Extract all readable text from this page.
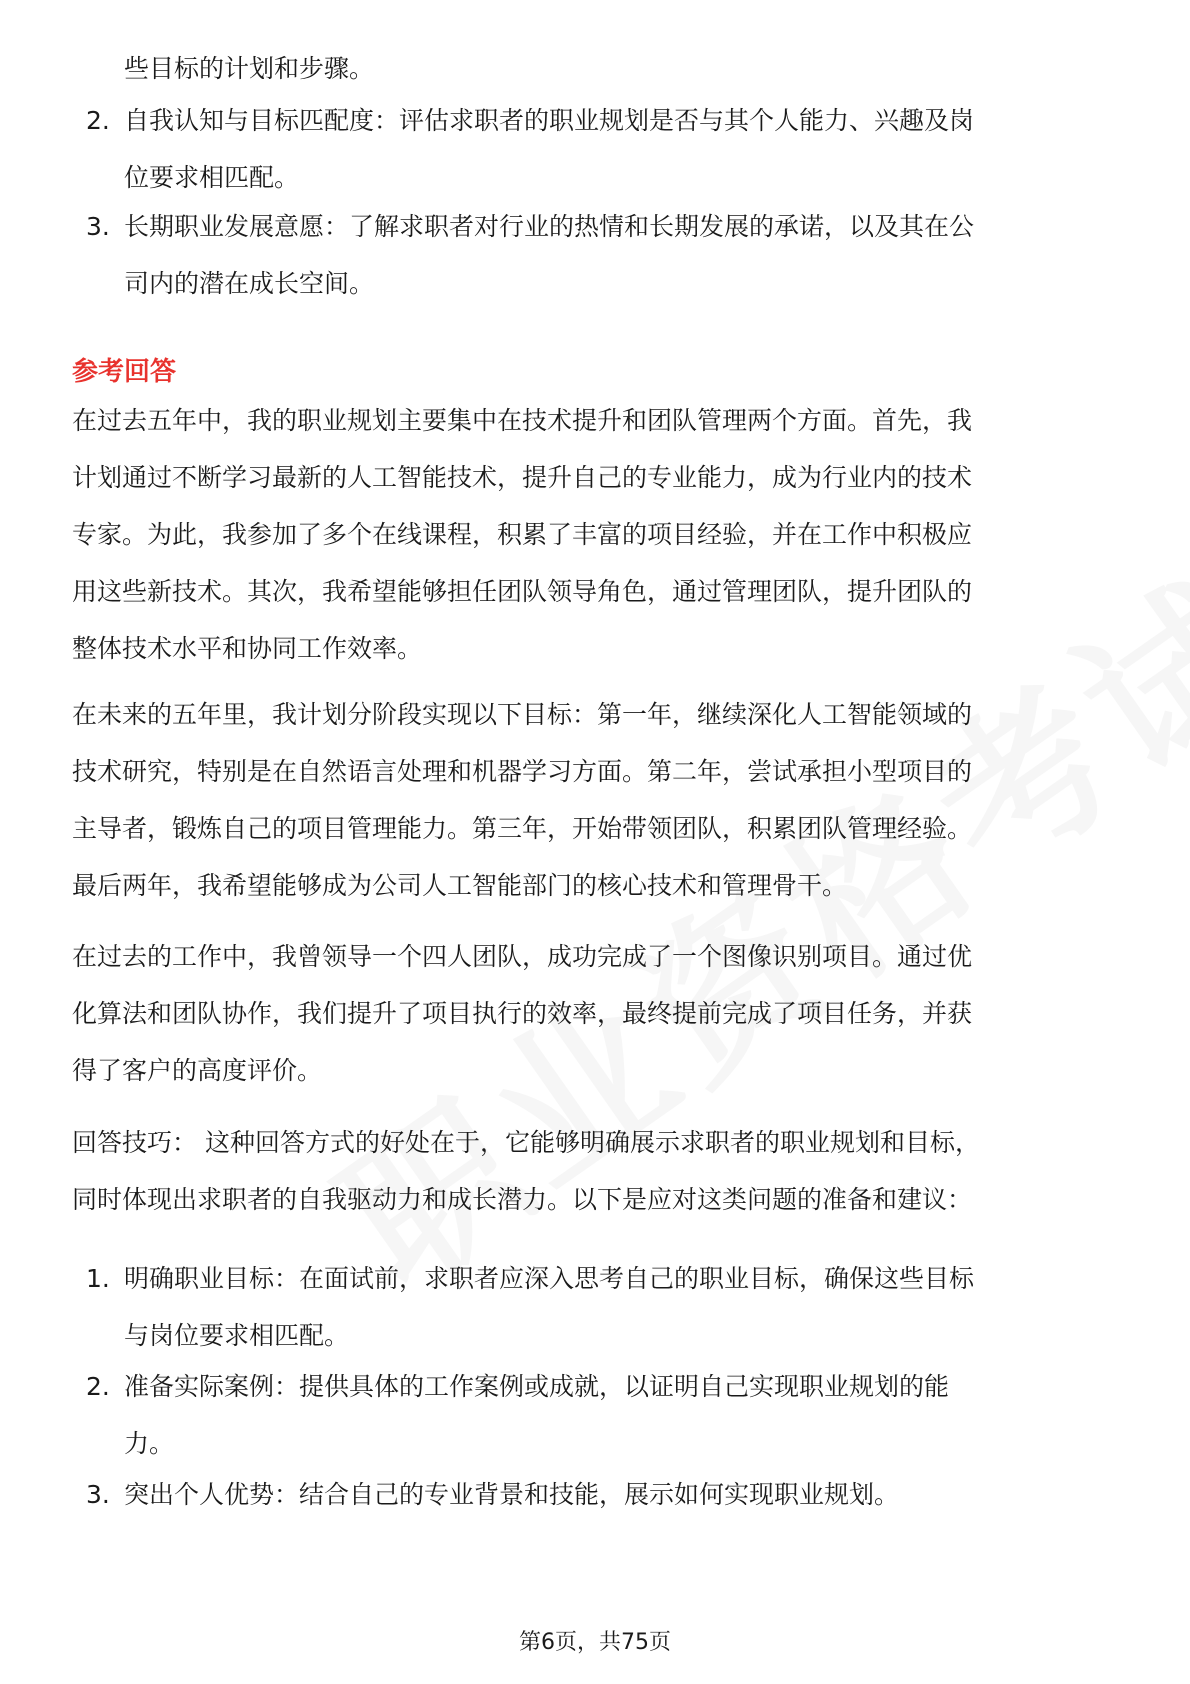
些目标的计划和步骤。
2. 自我认知与目标匹配度：评估求职者的职业规划是否与其个人能力、兴趣及岗
位要求相匹配。
3. 长期职业发展意愿：了解求职者对行业的热情和长期发展的承诺，以及其在公
司内的潜在成长空间。
参考回答
在过去五年中，我的职业规划主要集中在技术提升和团队管理两个方面。首先，我
计划通过不断学习最新的人工智能技术，提升自己的专业能力，成为行业内的技术
专家。为此，我参加了多个在线课程，积累了丰富的项目经验，并在工作中积极应
用这些新技术。其次，我希望能够担任团队领导角色，通过管理团队，提升团队的
整体技术水平和协同工作效率。
在未来的五年里，我计划分阶段实现以下目标：第一年，继续深化人工智能领域的
技术研究，特别是在自然语言处理和机器学习方面。第二年，尝试承担小型项目的
主导者，锻炼自己的项目管理能力。第三年，开始带领团队，积累团队管理经验。
最后两年，我希望能够成为公司人工智能部门的核心技术和管理骨干。
在过去的工作中，我曾领导一个四人团队，成功完成了一个图像识别项目。通过优
化算法和团队协作，我们提升了项目执行的效率，最终提前完成了项目任务，并获
得了客户的高度评价。
回答技巧： 这种回答方式的好处在于，它能够明确展示求职者的职业规划和目标，
同时体现出求职者的自我驱动力和成长潜力。以下是应对这类问题的准备和建议：
1. 明确职业目标：在面试前，求职者应深入思考自己的职业目标，确保这些目标
与岗位要求相匹配。
2. 准备实际案例：提供具体的工作案例或成就，以证明自己实现职业规划的能
力。
3. 突出个人优势：结合自己的专业背景和技能，展示如何实现职业规划。
第6页，共75页
